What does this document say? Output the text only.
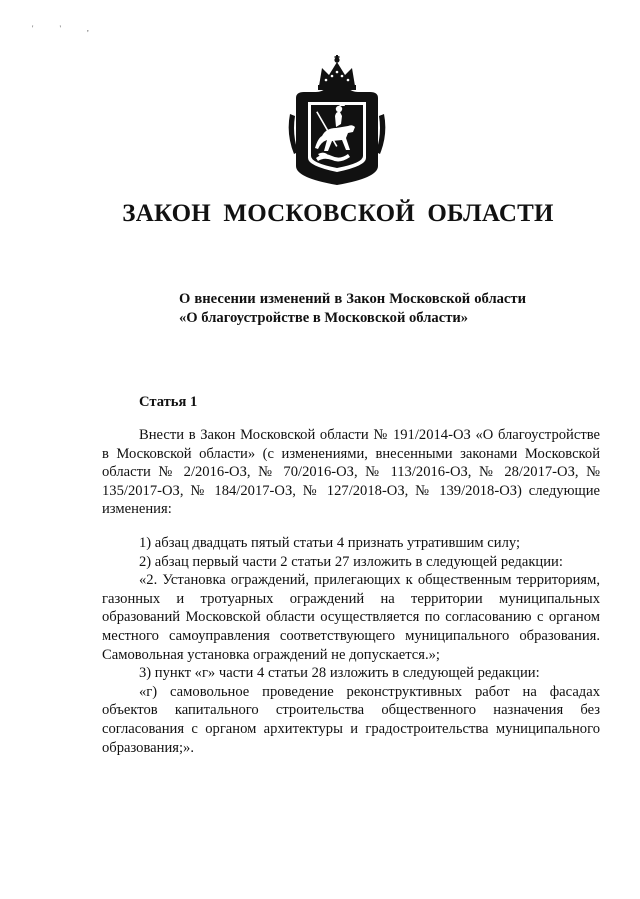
' ' ,
ЗАКОН МОСКОВСКОЙ ОБЛАСТИ

О внесении изменений в Закон Московской области «О благоустройстве в Московской области»

Статья 1

Внести в Закон Московской области № 191/2014-ОЗ «О благоустройстве в Московской области» (с изменениями, внесенными законами Московской области № 2/2016-ОЗ, № 70/2016-ОЗ, № 113/2016-ОЗ, № 28/2017-ОЗ, № 135/2017-ОЗ, № 184/2017-ОЗ, № 127/2018-ОЗ, № 139/2018-ОЗ) следующие изменения:

1) абзац двадцать пятый статьи 4 признать утратившим силу;

2) абзац первый части 2 статьи 27 изложить в следующей редакции:

«2. Установка ограждений, прилегающих к общественным территориям, газонных и тротуарных ограждений на территории муниципальных образований Московской области осуществляется по согласованию с органом местного самоуправления соответствующего муниципального образования. Самовольная установка ограждений не допускается.»;

3) пункт «г» части 4 статьи 28 изложить в следующей редакции:

«г) самовольное проведение реконструктивных работ на фасадах объектов капитального строительства общественного назначения без согласования с органом архитектуры и градостроительства муниципального образования;».
